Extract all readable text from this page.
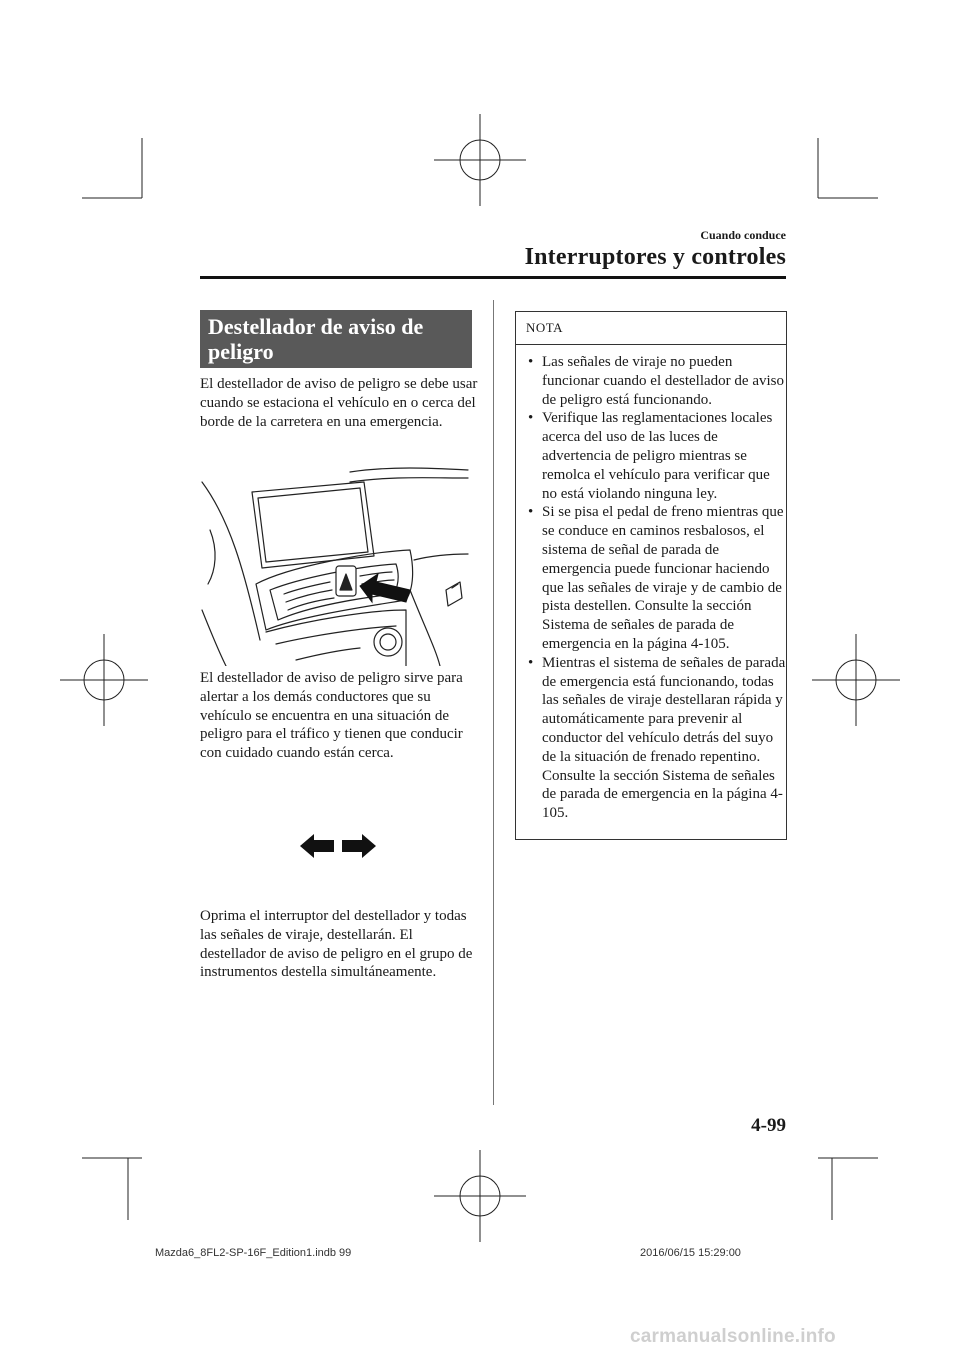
Cuando conduce
Interruptores y controles
Destellador de aviso de peligro
El destellador de aviso de peligro se debe usar cuando se estaciona el vehículo en o cerca del borde de la carretera en una emergencia.
El destellador de aviso de peligro sirve para alertar a los demás conductores que su vehículo se encuentra en una situación de peligro para el tráfico y tienen que conducir con cuidado cuando están cerca.
Oprima el interruptor del destellador y todas las señales de viraje, destellarán. El destellador de aviso de peligro en el grupo de instrumentos destella simultáneamente.
NOTA
• Las señales de viraje no pueden funcionar cuando el destellador de aviso de peligro está funcionando.
• Verifique las reglamentaciones locales acerca del uso de las luces de advertencia de peligro mientras se remolca el vehículo para verificar que no está violando ninguna ley.
• Si se pisa el pedal de freno mientras que se conduce en caminos resbalosos, el sistema de señal de parada de emergencia puede funcionar haciendo que las señales de viraje y de cambio de pista destellen. Consulte la sección Sistema de señales de parada de emergencia en la página 4-105.
• Mientras el sistema de señales de parada de emergencia está funcionando, todas las señales de viraje destellaran rápida y automáticamente para prevenir al conductor del vehículo detrás del suyo de la situación de frenado repentino. Consulte la sección Sistema de señales de parada de emergencia en la página 4-105.
4-99
Mazda6_8FL2-SP-16F_Edition1.indb 99	2016/06/15 15:29:00
carmanualsonline.info
